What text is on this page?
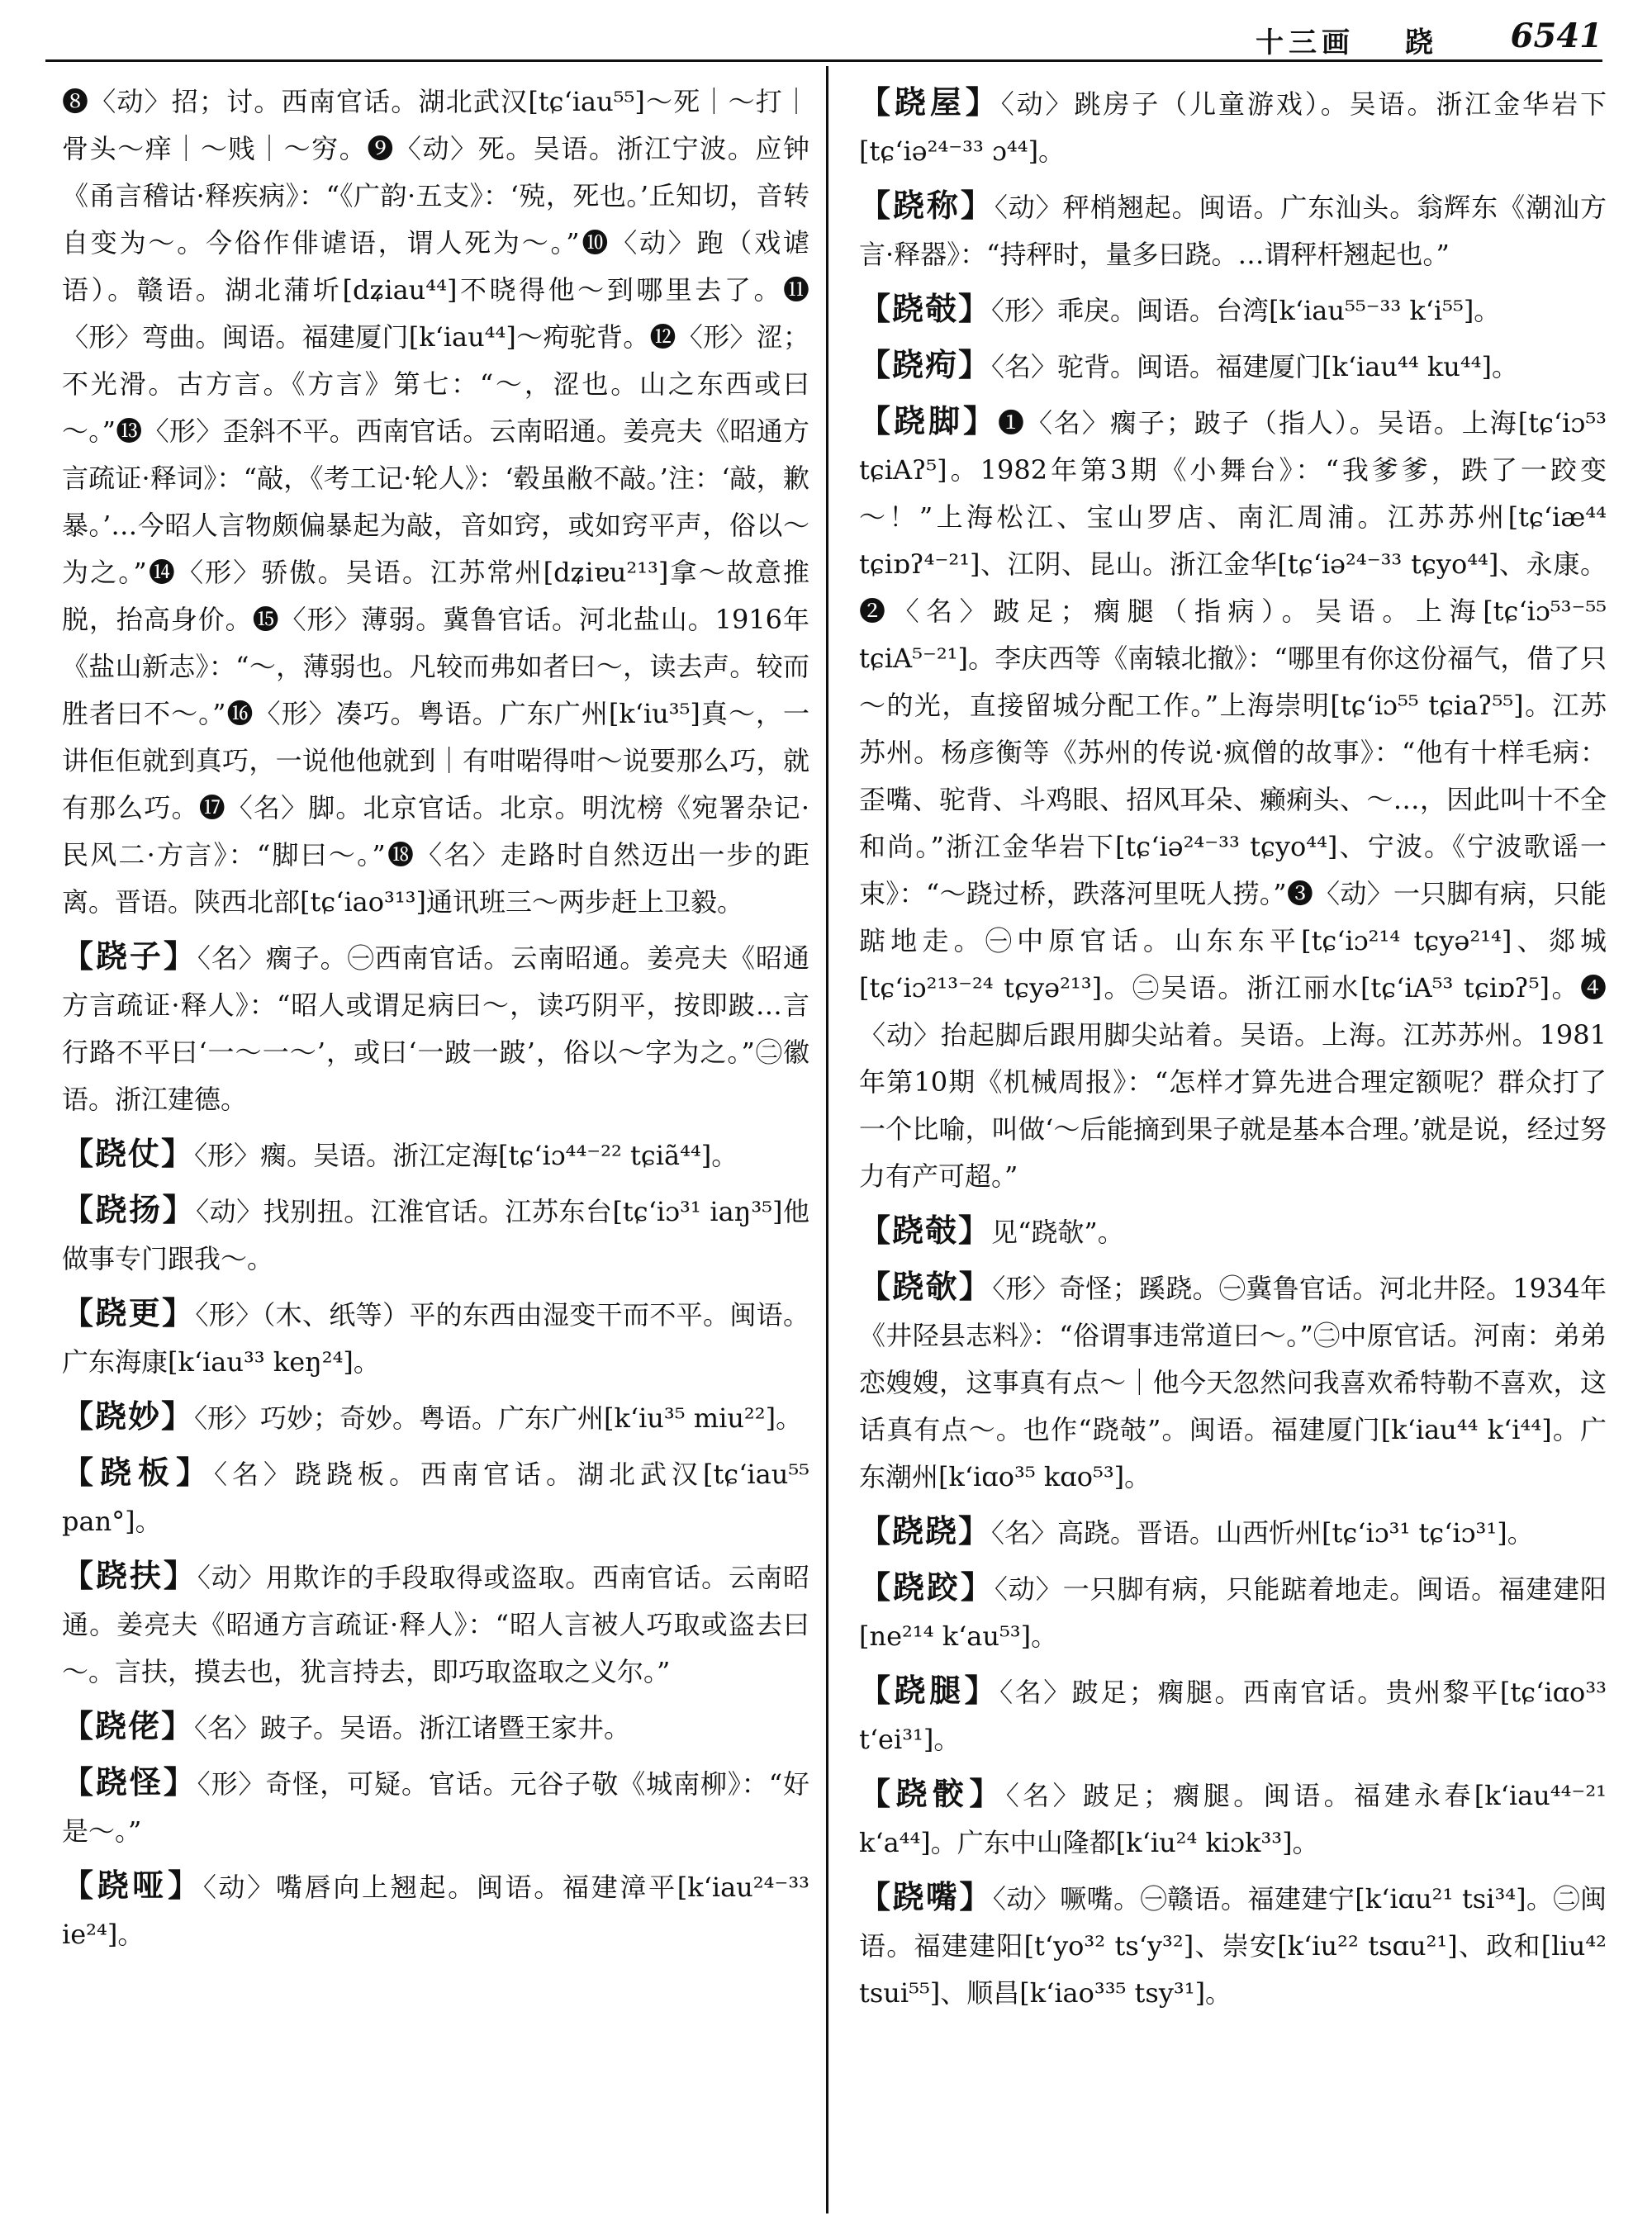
十三画 跷 6541
❽〈动〉招；讨。西南官话。湖北武汉[tɕʻiau⁵⁵]～死｜～打｜骨头～痒｜～贱｜～穷。❾〈动〉死。吴语。浙江宁波。应钟《甬言稽诂·释疾病》：“《广韵·五支》：‘殑，死也。’丘知切，音转自变为～。今俗作俳谑语，谓人死为～。”❿〈动〉跑（戏谑语）。赣语。湖北蒲圻[dʑiau⁴⁴]不晓得他～到哪里去了。⓫〈形〉弯曲。闽语。福建厦门[kʻiau⁴⁴]～痀驼背。⓬〈形〉涩；不光滑。古方言。《方言》第七：“～，涩也。山之东西或曰～。”⓭〈形〉歪斜不平。西南官话。云南昭通。姜亮夫《昭通方言疏证·释词》：“敲，《考工记·轮人》：‘毂虽敝不敲。’注：‘敲，歉暴。’…今昭人言物颇偏暴起为敲，音如窍，或如窍平声，俗以～为之。”⓮〈形〉骄傲。吴语。江苏常州[dʑiɐu²¹³]拿～故意推脱，抬高身价。⓯〈形〉薄弱。冀鲁官话。河北盐山。1916年《盐山新志》：“～，薄弱也。凡较而弗如者曰～，读去声。较而胜者曰不～。”⓰〈形〉凑巧。粤语。广东广州[kʻiu³⁵]真～，一讲佢佢就到真巧，一说他他就到｜有咁啱得咁～说要那么巧，就有那么巧。⓱〈名〉脚。北京官话。北京。明沈榜《宛署杂记·民风二·方言》：“脚曰～。”⓲〈名〉走路时自然迈出一步的距离。晋语。陕西北部[tɕʻiao³¹³]通讯班三～两步赶上卫毅。
【跷子】〈名〉瘸子。㊀西南官话。云南昭通。姜亮夫《昭通方言疏证·释人》：“昭人或谓足病曰～，读巧阴平，按即跛…言行路不平曰‘一～一～’，或曰‘一跛一跛’，俗以～字为之。”㊁徽语。浙江建德。
【跷仗】〈形〉瘸。吴语。浙江定海[tɕʻiɔ⁴⁴⁻²² tɕiã⁴⁴]。
【跷扬】〈动〉找别扭。江淮官话。江苏东台[tɕʻiɔ³¹ iaŋ³⁵]他做事专门跟我～。
【跷更】〈形〉（木、纸等）平的东西由湿变干而不平。闽语。广东海康[kʻiau³³ keŋ²⁴]。
【跷妙】〈形〉巧妙；奇妙。粤语。广东广州[kʻiu³⁵ miu²²]。
【跷板】〈名〉跷跷板。西南官话。湖北武汉[tɕʻiau⁵⁵ pan°]。
【跷扶】〈动〉用欺诈的手段取得或盗取。西南官话。云南昭通。姜亮夫《昭通方言疏证·释人》：“昭人言被人巧取或盗去曰～。言扶，摸去也，犹言持去，即巧取盗取之义尔。”
【跷佬】〈名〉跛子。吴语。浙江诸暨王家井。
【跷怪】〈形〉奇怪，可疑。官话。元谷子敬《城南柳》：“好是～。”
【跷哑】〈动〉嘴唇向上翘起。闽语。福建漳平[kʻiau²⁴⁻³³ ie²⁴]。
【跷屋】〈动〉跳房子（儿童游戏）。吴语。浙江金华岩下[tɕʻiə²⁴⁻³³ ɔ⁴⁴]。
【跷称】〈动〉秤梢翘起。闽语。广东汕头。翁辉东《潮汕方言·释器》：“持秤时，量多曰跷。…谓秤杆翘起也。”
【跷攲】〈形〉乖戾。闽语。台湾[kʻiau⁵⁵⁻³³ kʻi⁵⁵]。
【跷痀】〈名〉驼背。闽语。福建厦门[kʻiau⁴⁴ ku⁴⁴]。
【跷脚】❶〈名〉瘸子；跛子（指人）。吴语。上海[tɕʻiɔ⁵³ tɕiAʔ⁵]。1982年第3期《小舞台》：“我爹爹，跌了一跤变～！”上海松江、宝山罗店、南汇周浦。江苏苏州[tɕʻiæ⁴⁴ tɕiɒʔ⁴⁻²¹]、江阴、昆山。浙江金华[tɕʻiə²⁴⁻³³ tɕyo⁴⁴]、永康。❷〈名〉跛足；瘸腿（指病）。吴语。上海[tɕʻiɔ⁵³⁻⁵⁵ tɕiA⁵⁻²¹]。李庆西等《南辕北撤》：“哪里有你这份福气，借了只～的光，直接留城分配工作。”上海崇明[tɕʻiɔ⁵⁵ tɕiaʔ⁵⁵]。江苏苏州。杨彦衡等《苏州的传说·疯僧的故事》：“他有十样毛病：歪嘴、驼背、斗鸡眼、招风耳朵、癞痢头、～…，因此叫十不全和尚。”浙江金华岩下[tɕʻiə²⁴⁻³³ tɕyo⁴⁴]、宁波。《宁波歌谣一束》：“～跷过桥，跌落河里呒人捞。”❸〈动〉一只脚有病，只能踮地走。㊀中原官话。山东东平[tɕʻiɔ²¹⁴ tɕyə²¹⁴]、郯城[tɕʻiɔ²¹³⁻²⁴ tɕyə²¹³]。㊁吴语。浙江丽水[tɕʻiA⁵³ tɕiɒʔ⁵]。❹〈动〉抬起脚后跟用脚尖站着。吴语。上海。江苏苏州。1981年第10期《机械周报》：“怎样才算先进合理定额呢？群众打了一个比喻，叫做‘～后能摘到果子就是基本合理。’就是说，经过努力有产可超。”
【跷攲】见“跷欹”。
【跷欹】〈形〉奇怪；蹊跷。㊀冀鲁官话。河北井陉。1934年《井陉县志料》：“俗谓事违常道曰～。”㊁中原官话。河南：弟弟恋嫂嫂，这事真有点～｜他今天忽然问我喜欢希特勒不喜欢，这话真有点～。也作“跷攲”。闽语。福建厦门[kʻiau⁴⁴ kʻi⁴⁴]。广东潮州[kʻiɑo³⁵ kɑo⁵³]。
【跷跷】〈名〉高跷。晋语。山西忻州[tɕʻiɔ³¹ tɕʻiɔ³¹]。
【跷跤】〈动〉一只脚有病，只能踮着地走。闽语。福建建阳[ne²¹⁴ kʻau⁵³]。
【跷腿】〈名〉跛足；瘸腿。西南官话。贵州黎平[tɕʻiɑo³³ tʻei³¹]。
【跷骹】〈名〉跛足；瘸腿。闽语。福建永春[kʻiau⁴⁴⁻²¹ kʻa⁴⁴]。广东中山隆都[kʻiu²⁴ kiɔk³³]。
【跷嘴】〈动〉噘嘴。㊀赣语。福建建宁[kʻiɑu²¹ tsi³⁴]。㊁闽语。福建建阳[tʻyo³² tsʻy³²]、崇安[kʻiu²² tsɑu²¹]、政和[liu⁴² tsui⁵⁵]、顺昌[kʻiao³³⁵ tsy³¹]。
